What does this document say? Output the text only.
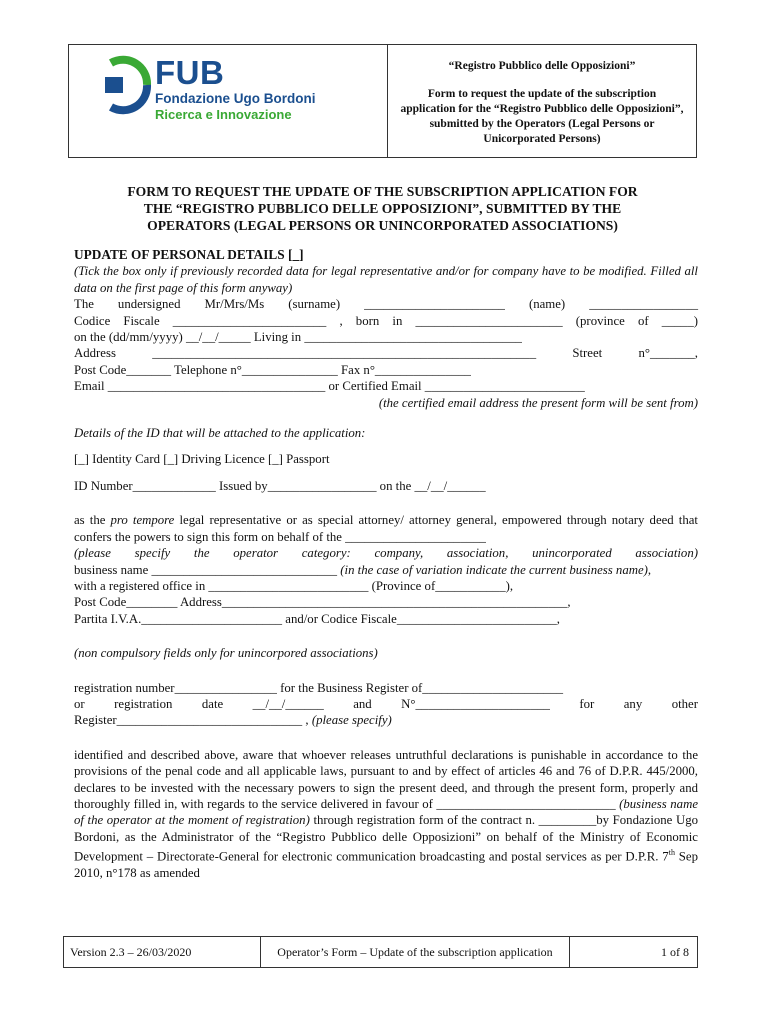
FUB
Fondazione Ugo Bordoni
Ricerca e Innovazione
“Registro Pubblico delle Opposizioni”
Form to request the update of the subscription application for the “Registro Pubblico delle Opposizioni”, submitted by the Operators (Legal Persons or Unicorporated Persons)
FORM TO REQUEST THE UPDATE OF THE SUBSCRIPTION APPLICATION FOR
THE “REGISTRO PUBBLICO DELLE OPPOSIZIONI”, SUBMITTED BY THE
OPERATORS (LEGAL PERSONS OR UNINCORPORATED ASSOCIATIONS)

UPDATE OF PERSONAL DETAILS [_]

(Tick the box only if previously recorded data for legal representative and/or for company have to be modified. Filled all data on the first page of this form anyway)

The undersigned Mr/Mrs/Ms (surname) ______________________ (name) _________________

Codice Fiscale ________________________ , born in _______________________ (province of _____)

on the (dd/mm/yyyy) __/__/_____ Living in __________________________________

Address ____________________________________________________________ Street n°_______,

Post Code_______ Telephone n°_______________ Fax n°_______________

Email __________________________________ or Certified Email _________________________

(the certified email address the present form will be sent from)

Details of the ID that will be attached to the application:

[_] Identity Card [_] Driving Licence [_] Passport

ID Number_____________ Issued by_________________ on the __/__/______

as the pro tempore legal representative or as special attorney/ attorney general, empowered through notary deed that confers the powers to sign this form on behalf of the ______________________

(please specify the operator category: company, association, unincorporated association)

business name _____________________________ (in the case of variation indicate the current business name),

with a registered office in _________________________ (Province of___________),

Post Code________ Address______________________________________________________,

Partita I.V.A.______________________ and/or Codice Fiscale_________________________,

(non compulsory fields only for unincorpored associations)

registration number________________ for the Business Register of______________________

or registration date __/__/______ and N°_____________________ for any other

Register_____________________________ , (please specify)

identified and described above, aware that whoever releases untruthful declarations is punishable in accordance to the provisions of the penal code and all applicable laws, pursuant to and by effect of articles 46 and 76 of D.P.R. 445/2000, declares to be invested with the necessary powers to sign the present deed, and through the present form, properly and thoroughly filled in, with regards to the service delivered in favour of ____________________________ (business name of the operator at the moment of registration) through registration form of the contract n. _________by Fondazione Ugo Bordoni, as the Administrator of the “Registro Pubblico delle Opposizioni” on behalf of the Ministry of Economic Development – Directorate-General for electronic communication broadcasting and postal services as per D.P.R. 7th Sep 2010, n°178 as amended

Version 2.3 – 26/03/2020	Operator’s Form – Update of the subscription application	1 of 8
